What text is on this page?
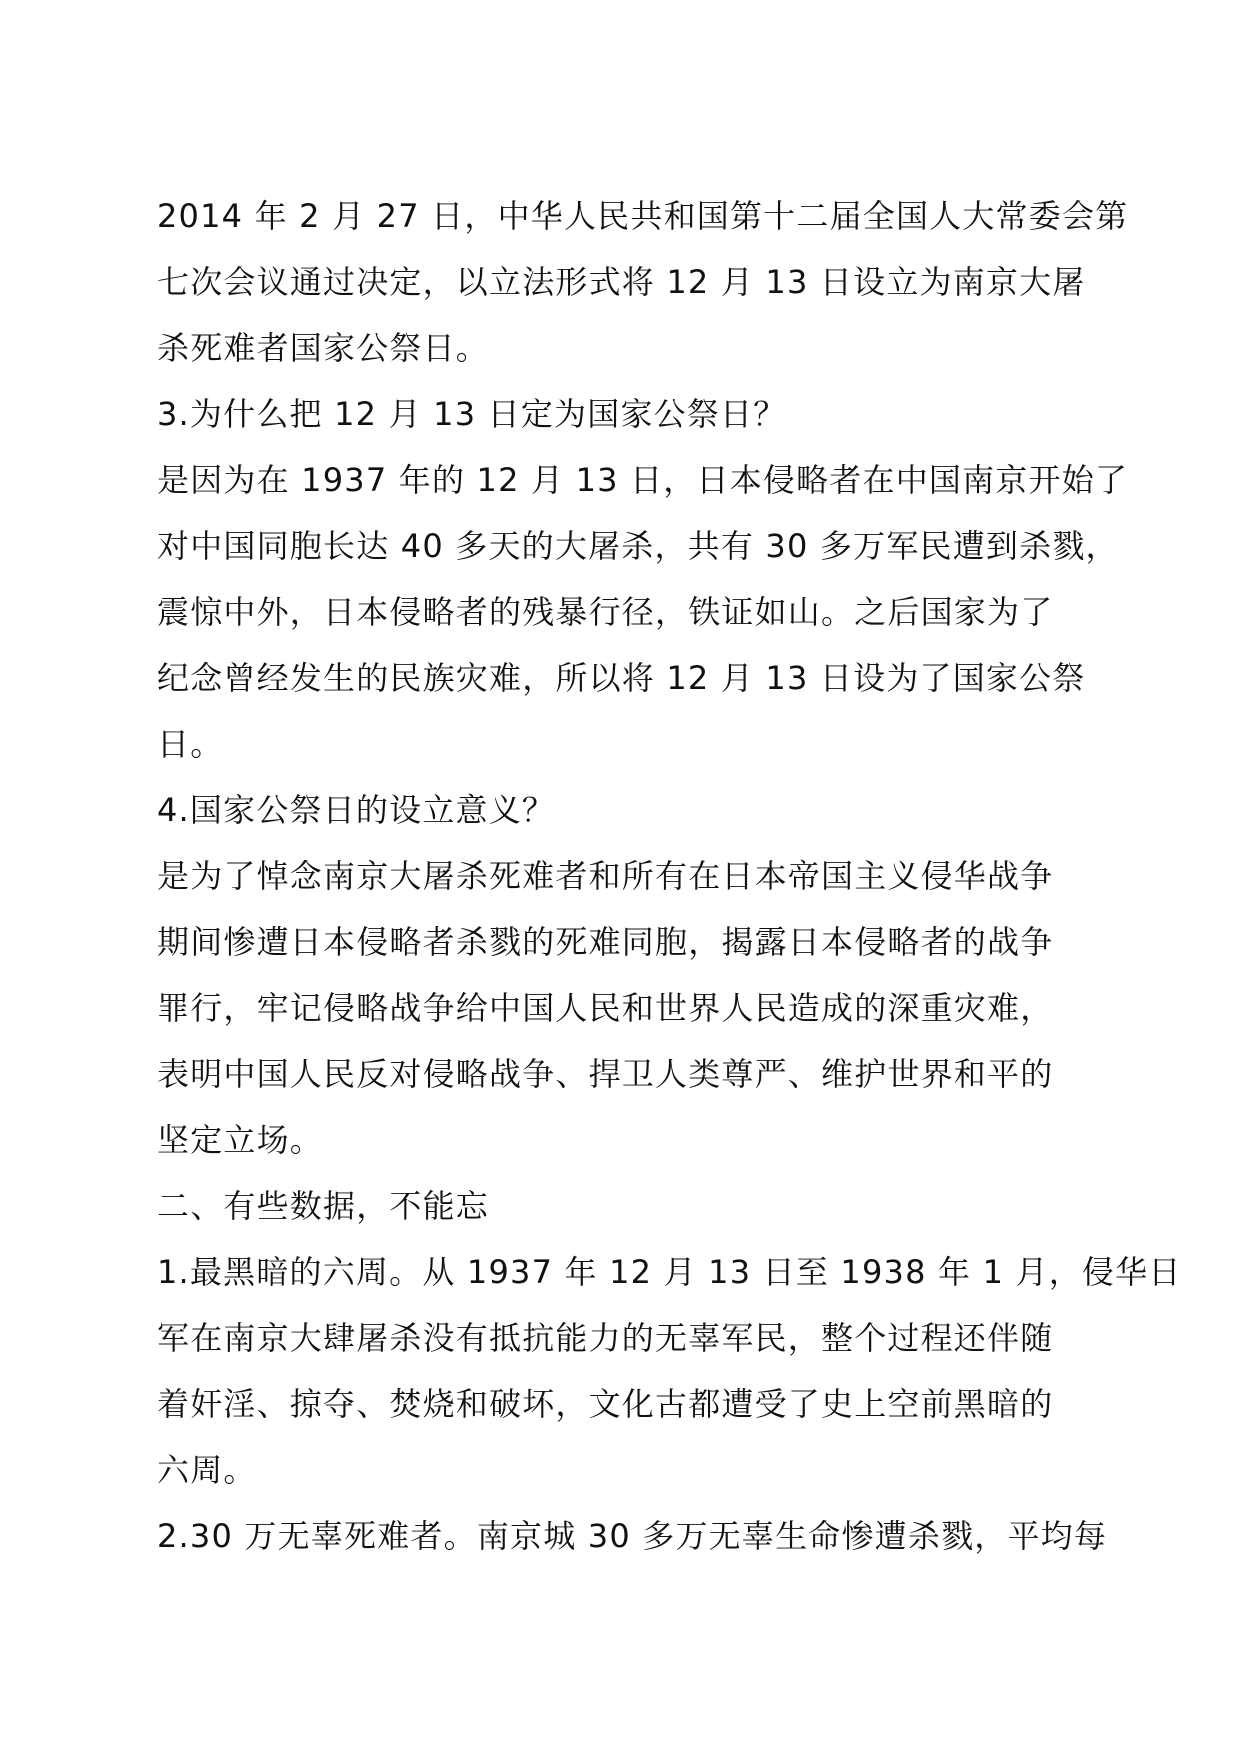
2014 年 2 月 27 日，中华人民共和国第十二届全国人大常委会第
七次会议通过决定，以立法形式将 12 月 13 日设立为南京大屠
杀死难者国家公祭日。
3.为什么把 12 月 13 日定为国家公祭日？
是因为在 1937 年的 12 月 13 日，日本侵略者在中国南京开始了
对中国同胞长达 40 多天的大屠杀，共有 30 多万军民遭到杀戮，
震惊中外，日本侵略者的残暴行径，铁证如山。之后国家为了
纪念曾经发生的民族灾难，所以将 12 月 13 日设为了国家公祭
日。
4.国家公祭日的设立意义？
是为了悼念南京大屠杀死难者和所有在日本帝国主义侵华战争
期间惨遭日本侵略者杀戮的死难同胞，揭露日本侵略者的战争
罪行，牢记侵略战争给中国人民和世界人民造成的深重灾难，
表明中国人民反对侵略战争、捍卫人类尊严、维护世界和平的
坚定立场。
二、有些数据，不能忘
1.最黑暗的六周。从 1937 年 12 月 13 日至 1938 年 1 月，侵华日
军在南京大肆屠杀没有抵抗能力的无辜军民，整个过程还伴随
着奸淫、掠夺、焚烧和破坏，文化古都遭受了史上空前黑暗的
六周。
2.30 万无辜死难者。南京城 30 多万无辜生命惨遭杀戮，平均每
